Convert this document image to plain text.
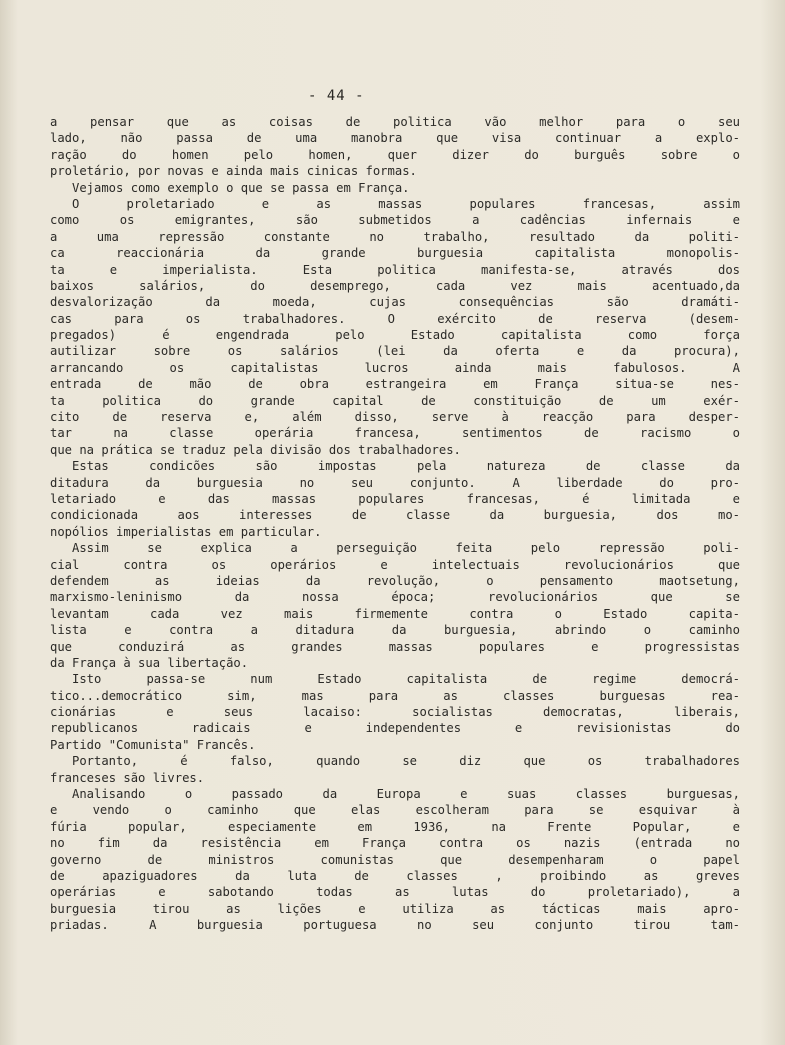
- 44 -
a pensar que as coisas de politica vão melhor para o seu
lado, não passa de uma manobra que visa continuar a explo-
ração do homen pelo homen, quer dizer do burguês sobre o
proletário, por novas e ainda mais cinicas formas.
Vejamos como exemplo o que se passa em França.
O proletariado e as massas populares francesas, assim
como os emigrantes, são submetidos a cadências infernais e
a uma repressão constante no trabalho, resultado da politi-
ca reaccionária da grande burguesia capitalista monopolis-
ta e imperialista. Esta politica manifesta-se, através dos
baixos salários, do desemprego, cada vez mais acentuado,da
desvalorização da moeda, cujas consequências são dramáti-
cas para os trabalhadores. O exército de reserva (desem-
pregados) é engendrada pelo Estado capitalista como força
autilizar sobre os salários (lei da oferta e da procura),
arrancando os capitalistas lucros ainda mais fabulosos. A
entrada de mão de obra estrangeira em França situa-se nes-
ta politica do grande capital de constituição de um exér-
cito de reserva e, além disso, serve à reacção para desper-
tar na classe operária francesa, sentimentos de racismo o
que na prática se traduz pela divisão dos trabalhadores.
Estas condicões são impostas pela natureza de classe da
ditadura da burguesia no seu conjunto. A liberdade do pro-
letariado e das massas populares francesas, é limitada e
condicionada aos interesses de classe da burguesia, dos mo-
nopólios imperialistas em particular.
Assim se explica a perseguição feita pelo repressão poli-
cial contra os operários e intelectuais revolucionários que
defendem as ideias da revolução, o pensamento maotsetung,
marxismo-leninismo da nossa época; revolucionários que se
levantam cada vez mais firmemente contra o Estado capita-
lista e contra a ditadura da burguesia, abrindo o caminho
que conduzirá as grandes massas populares e progressistas
da França à sua libertação.
Isto passa-se num Estado capitalista de regime democrá-
tico...democrático sim, mas para as classes burguesas rea-
cionárias e seus lacaiso: socialistas democratas, liberais,
republicanos radicais e independentes e revisionistas do
Partido "Comunista" Francês.
Portanto, é falso, quando se diz que os trabalhadores
franceses são livres.
Analisando o passado da Europa e suas classes burguesas,
e vendo o caminho que elas escolheram para se esquivar à
fúria popular, especiamente em 1936, na Frente Popular, e
no fim da resistência em França contra os nazis (entrada no
governo de ministros comunistas que desempenharam o papel
de apaziguadores da luta de classes , proibindo as greves
operárias e sabotando todas as lutas do proletariado), a
burguesia tirou as lições e utiliza as tácticas mais apro-
priadas. A burguesia portuguesa no seu conjunto tirou tam-
